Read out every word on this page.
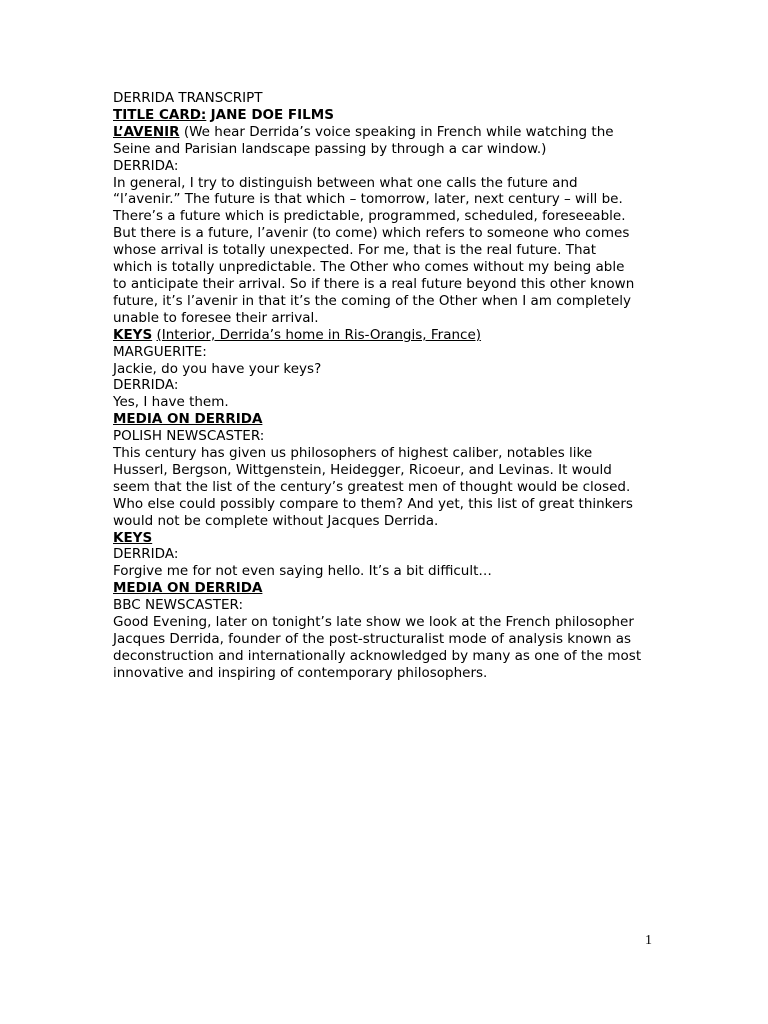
DERRIDA TRANSCRIPT

TITLE CARD: JANE DOE FILMS

L’AVENIR (We hear Derrida’s voice speaking in French while watching the

Seine and Parisian landscape passing by through a car window.)

DERRIDA:

In general, I try to distinguish between what one calls the future and

“l’avenir.” The future is that which – tomorrow, later, next century – will be.

There’s a future which is predictable, programmed, scheduled, foreseeable.

But there is a future, l’avenir (to come) which refers to someone who comes

whose arrival is totally unexpected. For me, that is the real future. That

which is totally unpredictable. The Other who comes without my being able

to anticipate their arrival. So if there is a real future beyond this other known

future, it’s l’avenir in that it’s the coming of the Other when I am completely

unable to foresee their arrival.

KEYS (Interior, Derrida’s home in Ris-Orangis, France)

MARGUERITE:

Jackie, do you have your keys?

DERRIDA:

Yes, I have them.

MEDIA ON DERRIDA

POLISH NEWSCASTER:

This century has given us philosophers of highest caliber, notables like

Husserl, Bergson, Wittgenstein, Heidegger, Ricoeur, and Levinas. It would

seem that the list of the century’s greatest men of thought would be closed.

Who else could possibly compare to them? And yet, this list of great thinkers

would not be complete without Jacques Derrida.

KEYS

DERRIDA:

Forgive me for not even saying hello. It’s a bit difficult…

MEDIA ON DERRIDA

BBC NEWSCASTER:

Good Evening, later on tonight’s late show we look at the French philosopher

Jacques Derrida, founder of the post-structuralist mode of analysis known as

deconstruction and internationally acknowledged by many as one of the most

innovative and inspiring of contemporary philosophers.

1
